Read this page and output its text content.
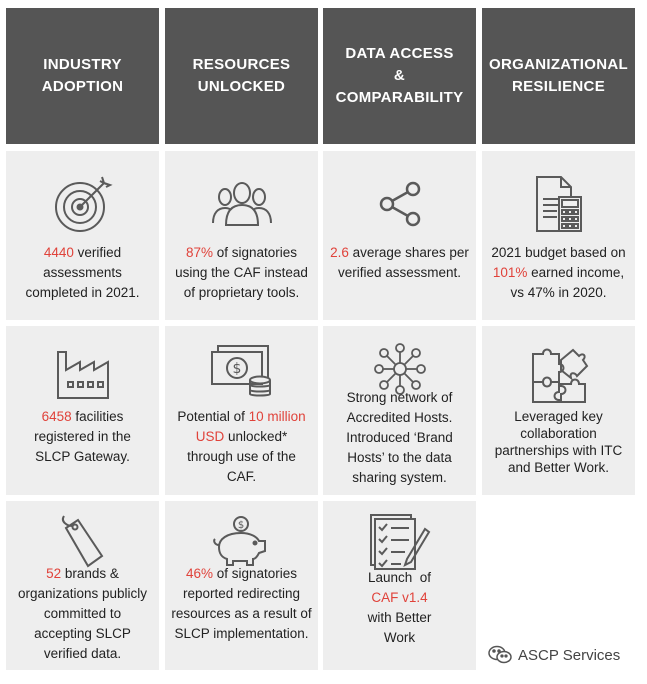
INDUSTRY
ADOPTION
RESOURCES
UNLOCKED
DATA ACCESS
&
COMPARABILITY
ORGANIZATIONAL
RESILIENCE

4440 verified

assessments

completed in 2021.

87% of signatories

using the CAF instead

of proprietary tools.

2.6 average shares per

verified assessment.

2021 budget based on

101% earned income,

vs 47% in 2020.

6458 facilities

registered in the

SLCP Gateway.

$

Potential of 10 million

USD unlocked*

through use of the

CAF.

Strong network of

Accredited Hosts.

Introduced ‘Brand

Hosts’ to the data

sharing system.

Leveraged key

collaboration

partnerships with ITC

and Better Work.

52 brands &

organizations publicly

committed to

accepting SLCP

verified data.

$

46% of signatories

reported redirecting

resources as a result of

SLCP implementation.

Launch  of

CAF v1.4

with Better

Work

ASCP Services
